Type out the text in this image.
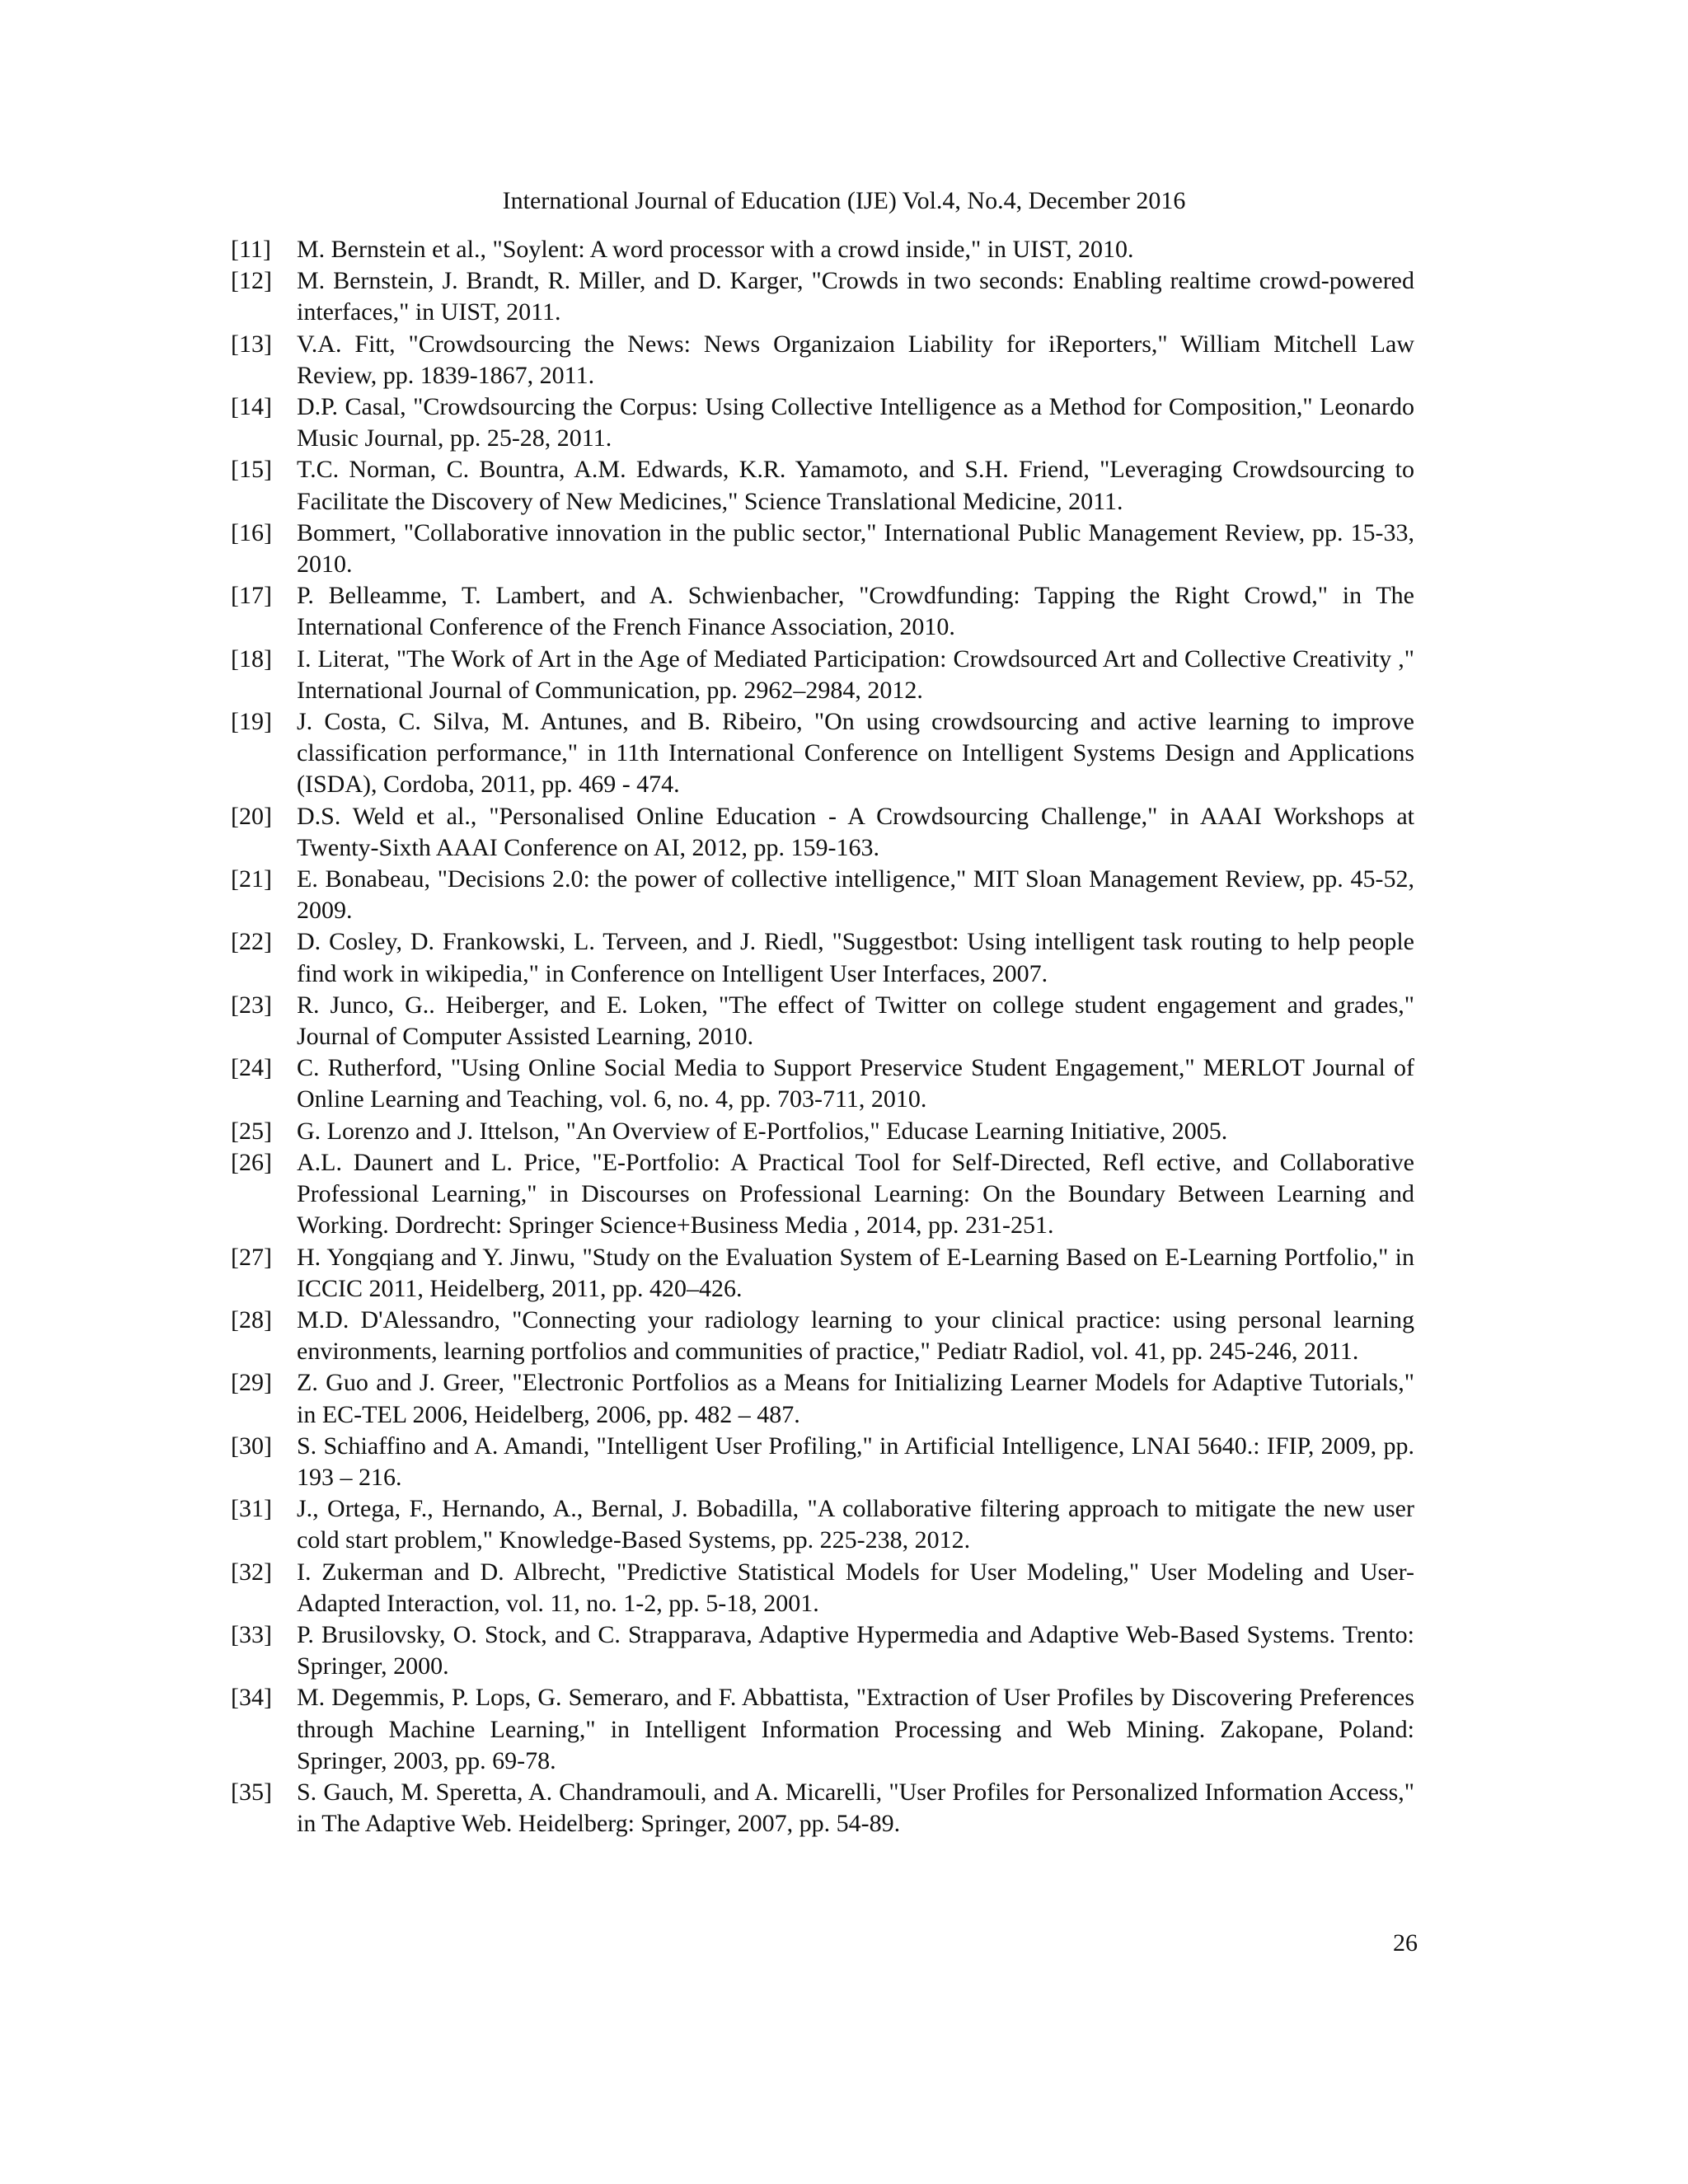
International Journal of Education (IJE) Vol.4, No.4, December 2016
[11] M. Bernstein et al., "Soylent: A word processor with a crowd inside," in UIST, 2010.
[12] M. Bernstein, J. Brandt, R. Miller, and D. Karger, "Crowds in two seconds: Enabling realtime crowd-powered interfaces," in UIST, 2011.
[13] V.A. Fitt, "Crowdsourcing the News: News Organizaion Liability for iReporters," William Mitchell Law Review, pp. 1839-1867, 2011.
[14] D.P. Casal, "Crowdsourcing the Corpus: Using Collective Intelligence as a Method for Composition," Leonardo Music Journal, pp. 25-28, 2011.
[15] T.C. Norman, C. Bountra, A.M. Edwards, K.R. Yamamoto, and S.H. Friend, "Leveraging Crowdsourcing to Facilitate the Discovery of New Medicines," Science Translational Medicine, 2011.
[16] Bommert, "Collaborative innovation in the public sector," International Public Management Review, pp. 15-33, 2010.
[17] P. Belleamme, T. Lambert, and A. Schwienbacher, "Crowdfunding: Tapping the Right Crowd," in The International Conference of the French Finance Association, 2010.
[18] I. Literat, "The Work of Art in the Age of Mediated Participation: Crowdsourced Art and Collective Creativity ," International Journal of Communication, pp. 2962–2984, 2012.
[19] J. Costa, C. Silva, M. Antunes, and B. Ribeiro, "On using crowdsourcing and active learning to improve classification performance," in 11th International Conference on Intelligent Systems Design and Applications (ISDA), Cordoba, 2011, pp. 469 - 474.
[20] D.S. Weld et al., "Personalised Online Education - A Crowdsourcing Challenge," in AAAI Workshops at Twenty-Sixth AAAI Conference on AI, 2012, pp. 159-163.
[21] E. Bonabeau, "Decisions 2.0: the power of collective intelligence," MIT Sloan Management Review, pp. 45-52, 2009.
[22] D. Cosley, D. Frankowski, L. Terveen, and J. Riedl, "Suggestbot: Using intelligent task routing to help people find work in wikipedia," in Conference on Intelligent User Interfaces, 2007.
[23] R. Junco, G.. Heiberger, and E. Loken, "The effect of Twitter on college student engagement and grades," Journal of Computer Assisted Learning, 2010.
[24] C. Rutherford, "Using Online Social Media to Support Preservice Student Engagement," MERLOT Journal of Online Learning and Teaching, vol. 6, no. 4, pp. 703-711, 2010.
[25] G. Lorenzo and J. Ittelson, "An Overview of E-Portfolios," Educase Learning Initiative, 2005.
[26] A.L. Daunert and L. Price, "E-Portfolio: A Practical Tool for Self-Directed, Refl ective, and Collaborative Professional Learning," in Discourses on Professional Learning: On the Boundary Between Learning and Working. Dordrecht: Springer Science+Business Media , 2014, pp. 231-251.
[27] H. Yongqiang and Y. Jinwu, "Study on the Evaluation System of E-Learning Based on E-Learning Portfolio," in ICCIC 2011, Heidelberg, 2011, pp. 420–426.
[28] M.D. D'Alessandro, "Connecting your radiology learning to your clinical practice: using personal learning environments, learning portfolios and communities of practice," Pediatr Radiol, vol. 41, pp. 245-246, 2011.
[29] Z. Guo and J. Greer, "Electronic Portfolios as a Means for Initializing Learner Models for Adaptive Tutorials," in EC-TEL 2006, Heidelberg, 2006, pp. 482 – 487.
[30] S. Schiaffino and A. Amandi, "Intelligent User Profiling," in Artificial Intelligence, LNAI 5640.: IFIP, 2009, pp. 193 – 216.
[31] J., Ortega, F., Hernando, A., Bernal, J. Bobadilla, "A collaborative filtering approach to mitigate the new user cold start problem," Knowledge-Based Systems, pp. 225-238, 2012.
[32] I. Zukerman and D. Albrecht, "Predictive Statistical Models for User Modeling," User Modeling and User-Adapted Interaction, vol. 11, no. 1-2, pp. 5-18, 2001.
[33] P. Brusilovsky, O. Stock, and C. Strapparava, Adaptive Hypermedia and Adaptive Web-Based Systems. Trento: Springer, 2000.
[34] M. Degemmis, P. Lops, G. Semeraro, and F. Abbattista, "Extraction of User Profiles by Discovering Preferences through Machine Learning," in Intelligent Information Processing and Web Mining. Zakopane, Poland: Springer, 2003, pp. 69-78.
[35] S. Gauch, M. Speretta, A. Chandramouli, and A. Micarelli, "User Profiles for Personalized Information Access," in The Adaptive Web. Heidelberg: Springer, 2007, pp. 54-89.
26
